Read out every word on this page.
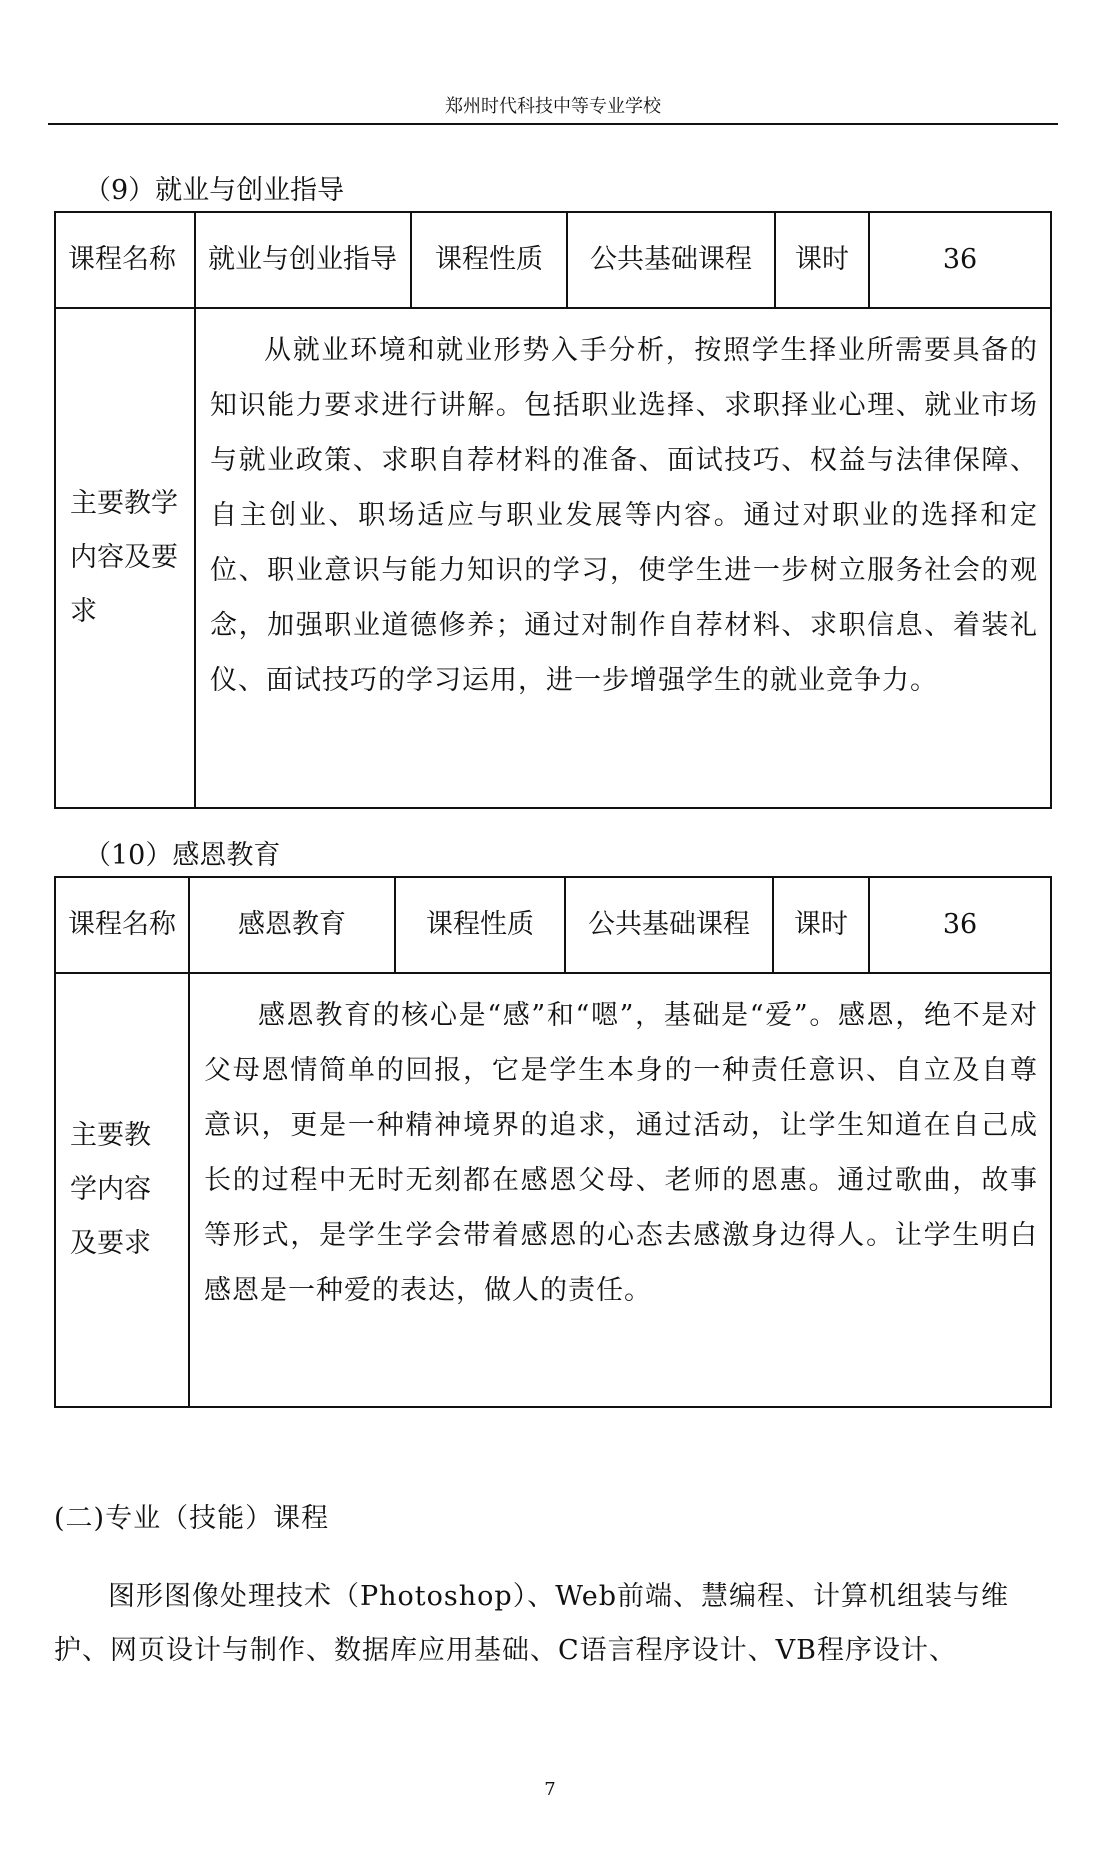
郑州时代科技中等专业学校
（9）就业与创业指导
课程名称	就业与创业指导	课程性质	公共基础课程	课时	36
主要教学内容及要求	从就业环境和就业形势入手分析，按照学生择业所需要具备的知识能力要求进行讲解。包括职业选择、求职择业心理、就业市场与就业政策、求职自荐材料的准备、面试技巧、权益与法律保障、自主创业、职场适应与职业发展等内容。通过对职业的选择和定位、职业意识与能力知识的学习，使学生进一步树立服务社会的观念，加强职业道德修养；通过对制作自荐材料、求职信息、着装礼仪、面试技巧的学习运用，进一步增强学生的就业竞争力。				
（10）感恩教育
课程名称	感恩教育	课程性质	公共基础课程	课时	36
主要教学内容及要求	感恩教育的核心是“感”和“嗯”，基础是“爱”。感恩，绝不是对父母恩情简单的回报，它是学生本身的一种责任意识、自立及自尊意识，更是一种精神境界的追求，通过活动，让学生知道在自己成长的过程中无时无刻都在感恩父母、老师的恩惠。通过歌曲，故事等形式，是学生学会带着感恩的心态去感激身边得人。让学生明白感恩是一种爱的表达，做人的责任。				
(二)专业（技能）课程
图形图像处理技术（Photoshop）、Web前端、慧编程、计算机组装与维护、网页设计与制作、数据库应用基础、C语言程序设计、VB程序设计、
7
